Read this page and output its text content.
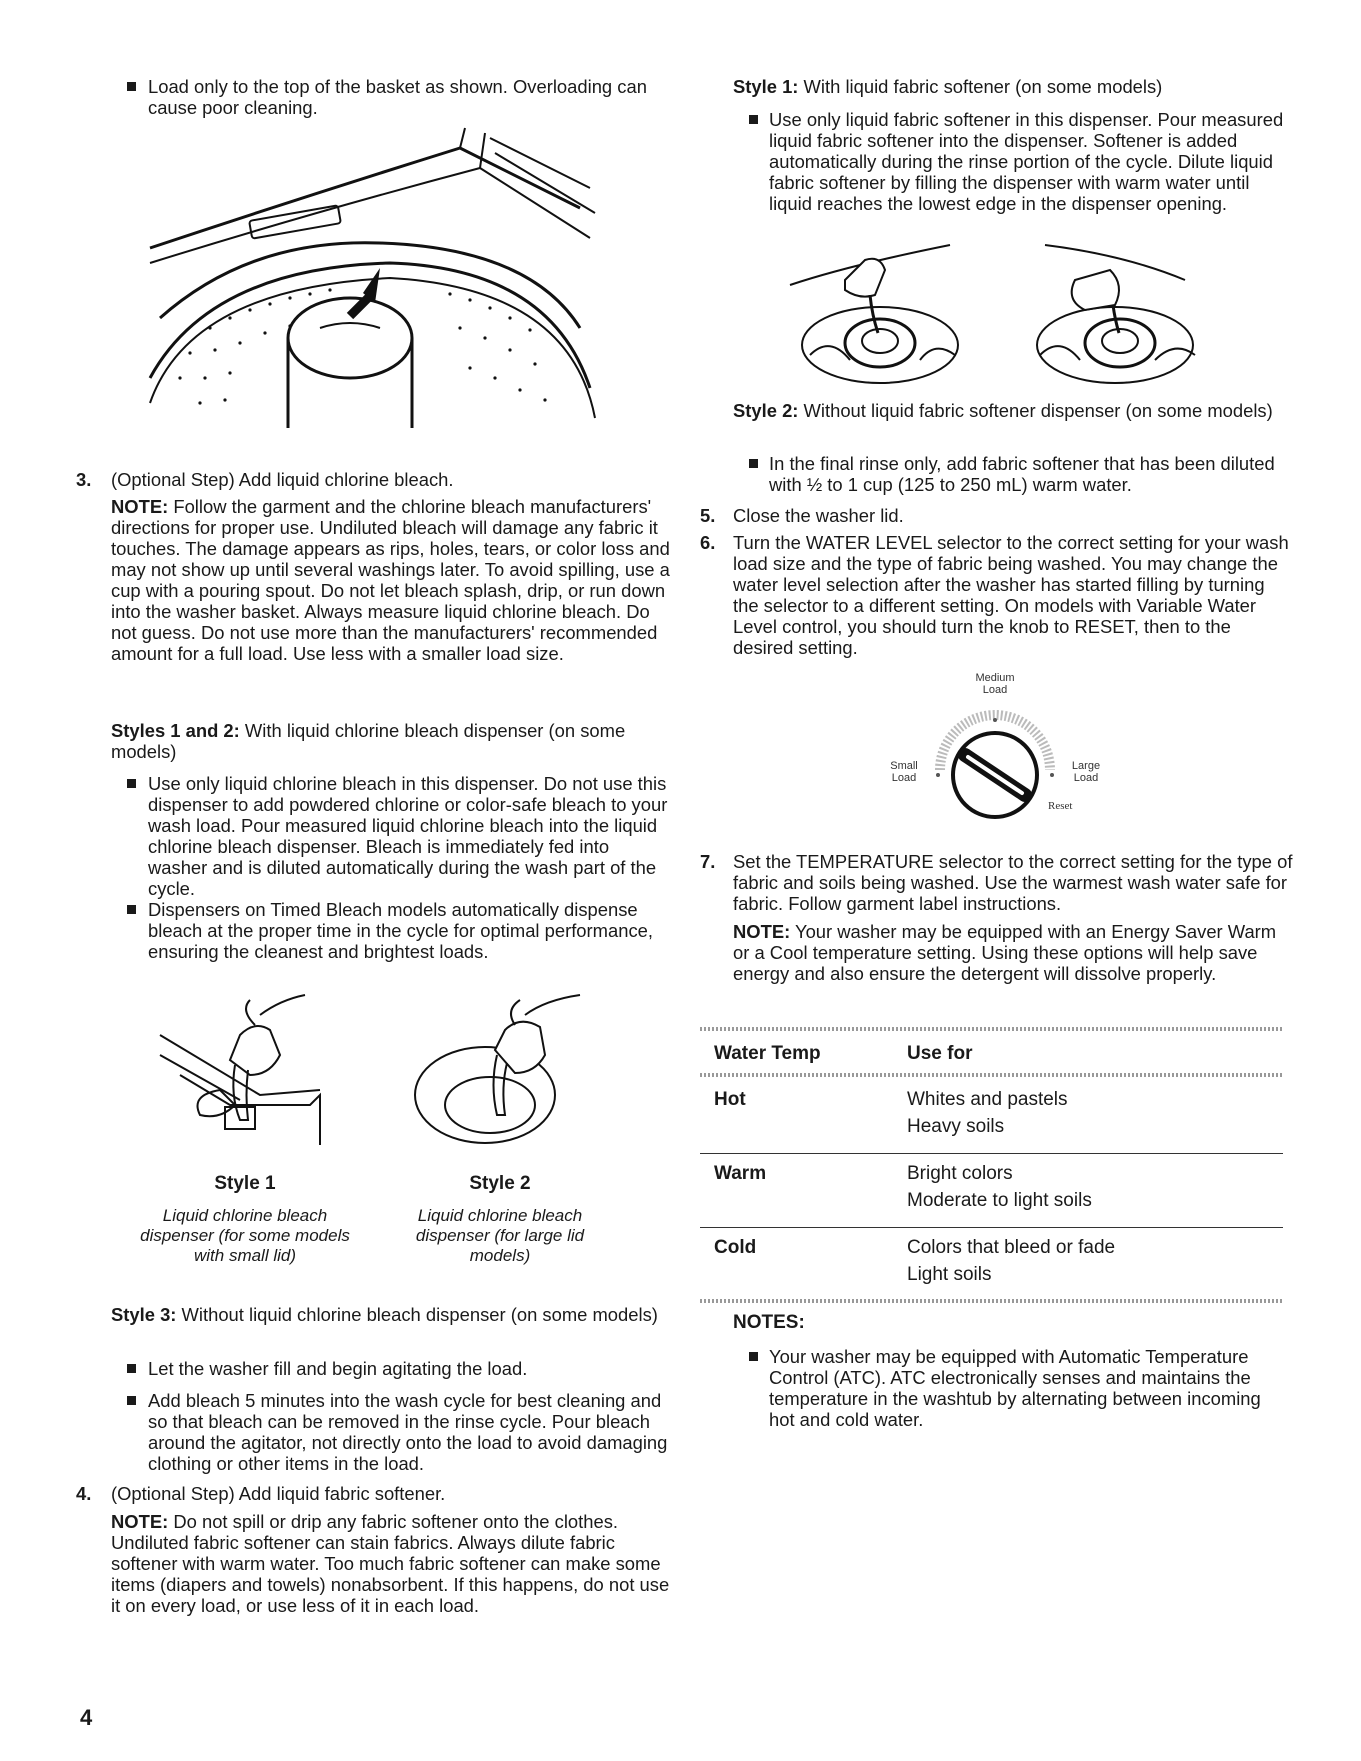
Load only to the top of the basket as shown. Overloading can cause poor cleaning.

3. (Optional Step) Add liquid chlorine bleach.

NOTE: Follow the garment and the chlorine bleach manufacturers' directions for proper use. Undiluted bleach will damage any fabric it touches. The damage appears as rips, holes, tears, or color loss and may not show up until several washings later. To avoid spilling, use a cup with a pouring spout. Do not let bleach splash, drip, or run down into the washer basket. Always measure liquid chlorine bleach. Do not guess. Do not use more than the manufacturers' recommended amount for a full load. Use less with a smaller load size.

Styles 1 and 2: With liquid chlorine bleach dispenser (on some models)

Use only liquid chlorine bleach in this dispenser. Do not use this dispenser to add powdered chlorine or color-safe bleach to your wash load. Pour measured liquid chlorine bleach into the liquid chlorine bleach dispenser. Bleach is immediately fed into washer and is diluted automatically during the wash part of the cycle.

Dispensers on Timed Bleach models automatically dispense bleach at the proper time in the cycle for optimal performance, ensuring the cleanest and brightest loads.

Style 1
Liquid chlorine bleach dispenser (for some models with small lid)
Style 2
Liquid chlorine bleach dispenser (for large lid models)

Style 3: Without liquid chlorine bleach dispenser (on some models)

Let the washer fill and begin agitating the load.

Add bleach 5 minutes into the wash cycle for best cleaning and so that bleach can be removed in the rinse cycle. Pour bleach around the agitator, not directly onto the load to avoid damaging clothing or other items in the load.

4. (Optional Step) Add liquid fabric softener.

NOTE: Do not spill or drip any fabric softener onto the clothes. Undiluted fabric softener can stain fabrics. Always dilute fabric softener with warm water. Too much fabric softener can make some items (diapers and towels) nonabsorbent. If this happens, do not use it on every load, or use less of it in each load.

4

Style 1: With liquid fabric softener (on some models)

Use only liquid fabric softener in this dispenser. Pour measured liquid fabric softener into the dispenser. Softener is added automatically during the rinse portion of the cycle. Dilute liquid fabric softener by filling the dispenser with warm water until liquid reaches the lowest edge in the dispenser opening.

Style 2: Without liquid fabric softener dispenser (on some models)

In the final rinse only, add fabric softener that has been diluted with ½ to 1 cup (125 to 250 mL) warm water.

5. Close the washer lid.

6. Turn the WATER LEVEL selector to the correct setting for your wash load size and the type of fabric being washed. You may change the water level selection after the washer has started filling by turning the selector to a different setting. On models with Variable Water Level control, you should turn the knob to RESET, then to the desired setting.

Medium
Load
Small
Load
Large
Load
Reset
7. Set the TEMPERATURE selector to the correct setting for the type of fabric and soils being washed. Use the warmest wash water safe for fabric. Follow garment label instructions.

NOTE: Your washer may be equipped with an Energy Saver Warm or a Cool temperature setting. Using these options will help save energy and also ensure the detergent will dissolve properly.

Water Temp	Use for
Hot	Whites and pastels
Heavy soils
Warm	Bright colors
Moderate to light soils
Cold	Colors that bleed or fade
Light soils
NOTES:

Your washer may be equipped with Automatic Temperature Control (ATC). ATC electronically senses and maintains the temperature in the washtub by alternating between incoming hot and cold water.
